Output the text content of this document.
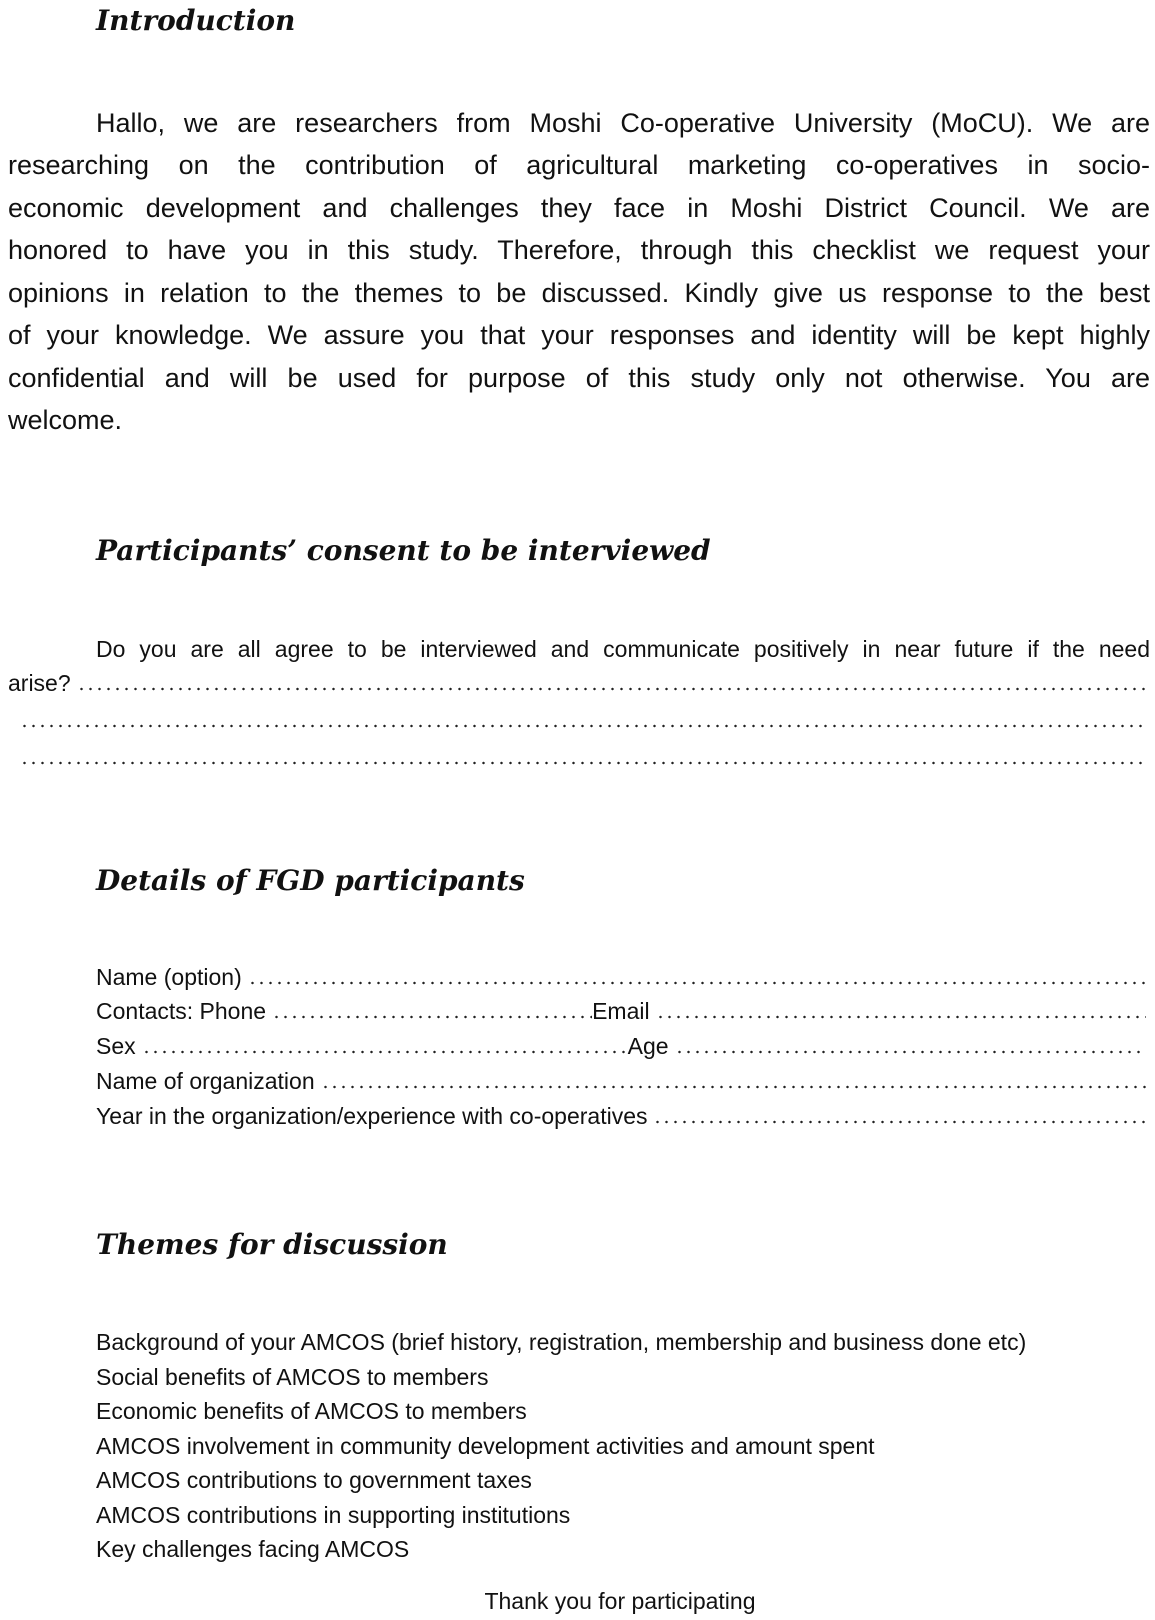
Introduction
Hallo, we are researchers from Moshi Co-operative University (MoCU). We are
researching on the contribution of agricultural marketing co-operatives in socio-
economic development and challenges they face in Moshi District Council. We are
honored to have you in this study. Therefore, through this checklist we request your
opinions in relation to the themes to be discussed. Kindly give us response to the best
of your knowledge. We assure you that your responses and identity will be kept highly
confidential and will be used for purpose of this study only not otherwise. You are
welcome.
Participants’ consent to be interviewed
Do you are all agree to be interviewed and communicate positively in near future if the need
arise?
Details of FGD participants
Name (option)
Contacts: Phone	Email
Sex	Age
Name of organization
Year in the organization/experience with co-operatives
Themes for discussion
Background of your AMCOS (brief history, registration, membership and business done etc)
Social benefits of AMCOS to members
Economic benefits of AMCOS to members
AMCOS involvement in community development activities and amount spent
AMCOS contributions to government taxes
AMCOS contributions in supporting institutions
Key challenges facing AMCOS
Thank you for participating
